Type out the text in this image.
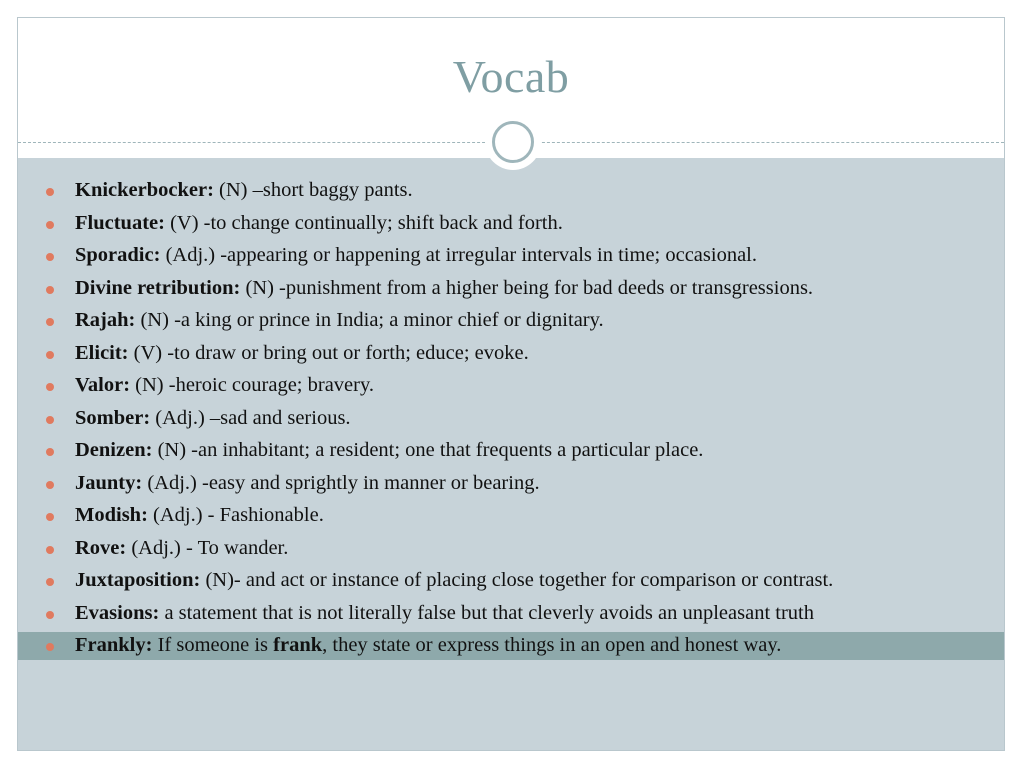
Vocab
Knickerbocker: (N) –short baggy pants.
Fluctuate: (V) -to change continually; shift back and forth.
Sporadic: (Adj.) -appearing or happening at irregular intervals in time; occasional.
Divine retribution: (N) -punishment from a higher being for bad deeds or transgressions.
Rajah: (N) -a king or prince in India; a minor chief or dignitary.
Elicit: (V) -to draw or bring out or forth; educe; evoke.
Valor: (N) -heroic courage; bravery.
Somber: (Adj.) –sad and serious.
Denizen: (N) -an inhabitant; a resident; one that frequents a particular place.
Jaunty: (Adj.) -easy and sprightly in manner or bearing.
Modish: (Adj.) - Fashionable.
Rove: (Adj.) - To wander.
Juxtaposition: (N)- and act or instance of placing close together for comparison or contrast.
Evasions: a statement that is not literally false but that cleverly avoids an unpleasant truth
Frankly: If someone is frank, they state or express things in an open and honest way.
